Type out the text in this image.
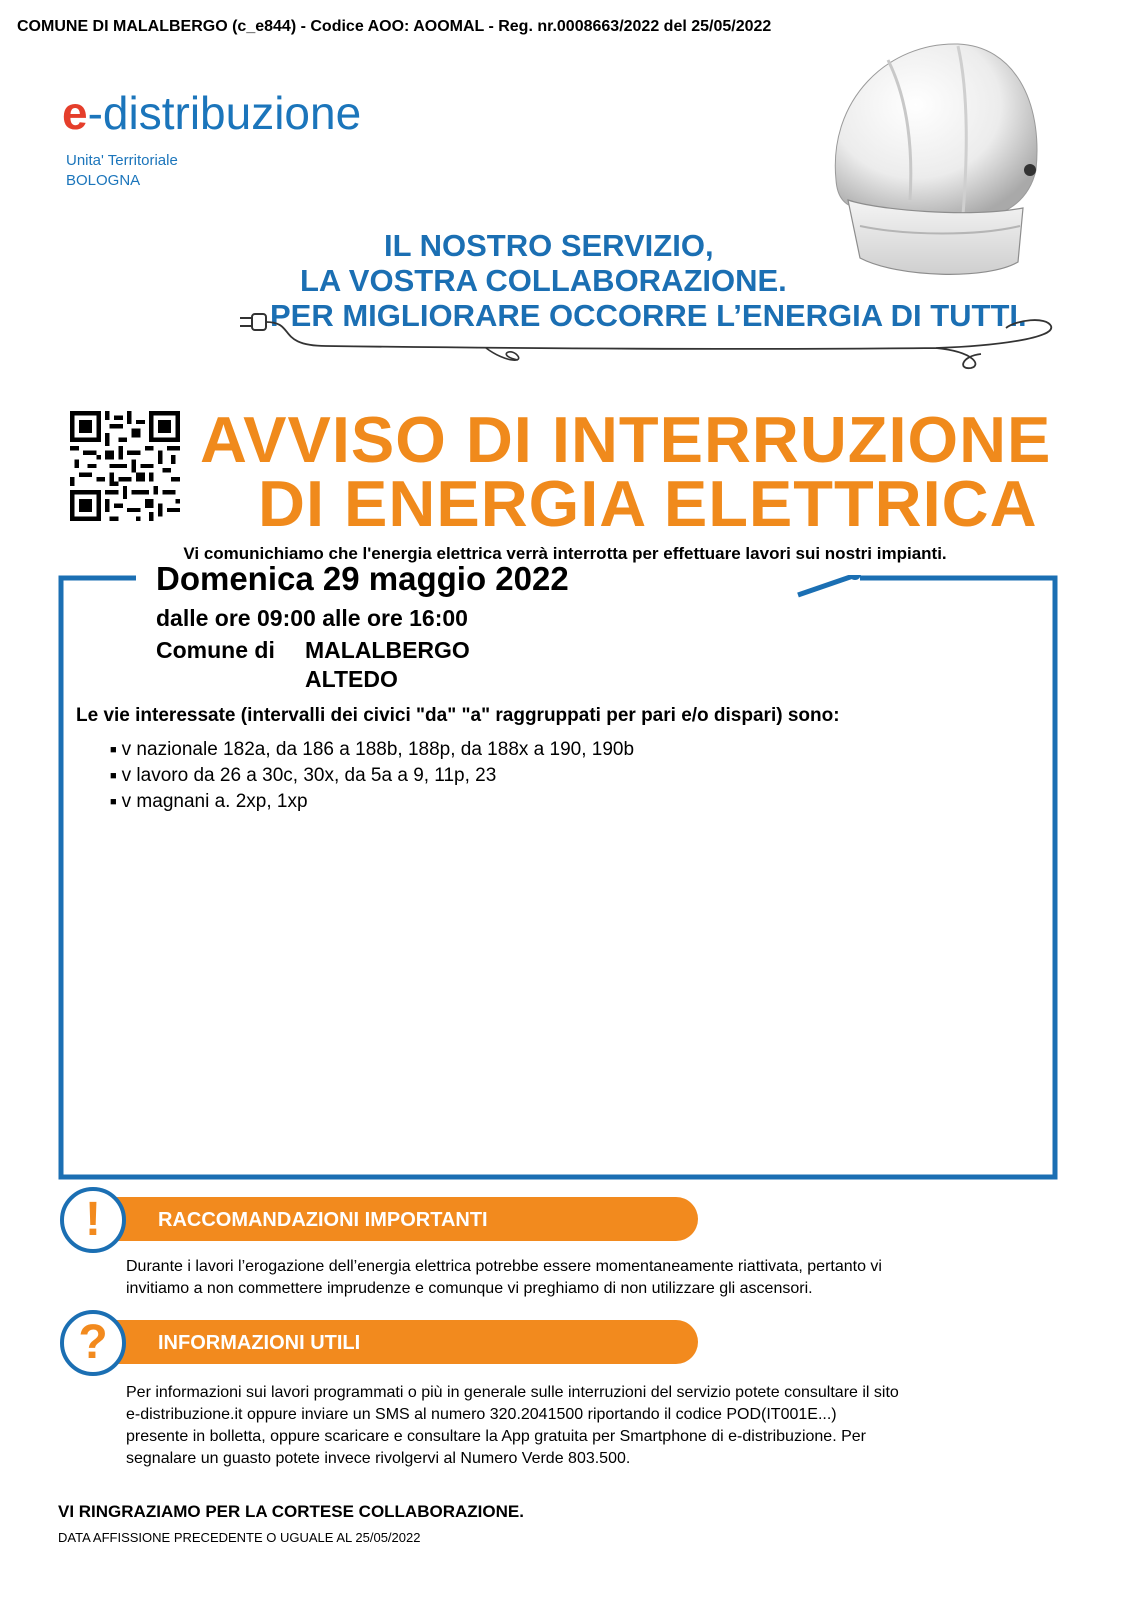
COMUNE DI MALALBERGO (c_e844) - Codice AOO: AOOMAL - Reg. nr.0008663/2022 del 25/05/2022
e-distribuzione
Unita' Territoriale
BOLOGNA
IL NOSTRO SERVIZIO,
LA VOSTRA COLLABORAZIONE.
PER MIGLIORARE OCCORRE L’ENERGIA DI TUTTI.
AVVISO DI INTERRUZIONE
DI ENERGIA ELETTRICA
Vi comunichiamo che l'energia elettrica verrà interrotta per effettuare lavori sui nostri impianti.
Domenica 29 maggio 2022
dalle ore 09:00 alle ore 16:00
Comune di MALALBERGO
ALTEDO
Le vie interessate (intervalli dei civici "da" "a" raggruppati per pari e/o dispari) sono:
■ v nazionale 182a, da 186 a 188b, 188p, da 188x a 190, 190b
■ v lavoro da 26 a 30c, 30x, da 5a a 9, 11p, 23
■ v magnani a. 2xp, 1xp
RACCOMANDAZIONI IMPORTANTI
!
Durante i lavori l’erogazione dell’energia elettrica potrebbe essere momentaneamente riattivata, pertanto vi
invitiamo a non commettere imprudenze e comunque vi preghiamo di non utilizzare gli ascensori.
INFORMAZIONI UTILI
?
Per informazioni sui lavori programmati o più in generale sulle interruzioni del servizio potete consultare il sito
e-distribuzione.it oppure inviare un SMS al numero 320.2041500 riportando il codice POD(IT001E...)
presente in bolletta, oppure scaricare e consultare la App gratuita per Smartphone di e-distribuzione. Per
segnalare un guasto potete invece rivolgervi al Numero Verde 803.500.
VI RINGRAZIAMO PER LA CORTESE COLLABORAZIONE.
DATA AFFISSIONE PRECEDENTE O UGUALE AL 25/05/2022
